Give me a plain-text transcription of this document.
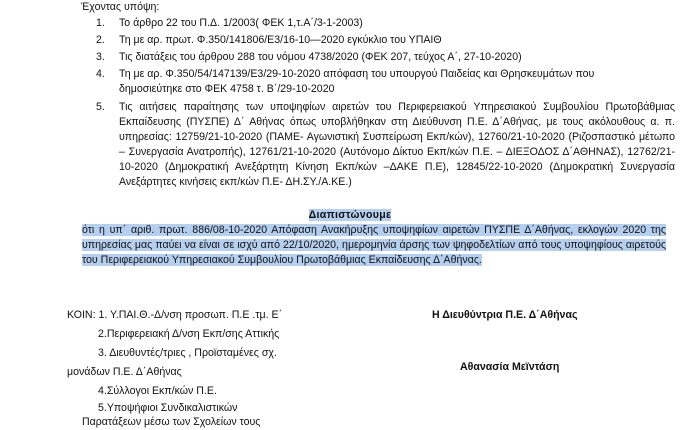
Έχοντας υπόψη:
1. Το άρθρο 22 του Π.Δ. 1/2003( ΦΕΚ 1,τ.Α΄/3-1-2003)
2. Τη με αρ. πρωτ. Φ.350/141806/Ε3/16-10—2020 εγκύκλιο του ΥΠΑΙΘ
3. Τις διατάξεις του άρθρου 288 του νόμου 4738/2020 (ΦΕΚ 207, τεύχος Α΄, 27-10-2020)
4. Τη με αρ. Φ.350/54/147139/Ε3/29-10-2020 απόφαση του υπουργού Παιδείας και Θρησκευμάτων που δημοσιεύτηκε στο ΦΕΚ 4758 τ. Β΄/29-10-2020
5. Τις αιτήσεις παραίτησης των υποψηφίων αιρετών του Περιφερειακού Υπηρεσιακού Συμβουλίου Πρωτοβάθμιας Εκπαίδευσης (ΠΥΣΠΕ) Δ΄ Αθήνας όπως υποβλήθηκαν στη Διεύθυνση Π.Ε. Δ΄Αθήνας, με τους ακόλουθους α. π. υπηρεσίας: 12759/21-10-2020 (ΠΑΜΕ- Αγωνιστική Συσπείρωση Εκπ/κών), 12760/21-10-2020 (Ριζοσπαστικό μέτωπο – Συνεργασία Ανατροπής), 12761/21-10-2020 (Αυτόνομο Δίκτυο Εκπ/κών Π.Ε. – ΔΙΕΞΟΔΟΣ Δ΄ΑΘΗΝΑΣ), 12762/21-10-2020 (Δημοκρατική Ανεξάρτητη Κίνηση Εκπ/κών –ΔΑΚΕ Π.Ε), 12845/22-10-2020 (Δημοκρατική Συνεργασία Ανεξάρτητες κινήσεις εκπ/κών Π.Ε- ΔΗ.ΣΥ./Α.ΚΕ.)
Διαπιστώνουμε
ότι η υπ΄ αριθ. πρωτ. 886/08-10-2020 Απόφαση Ανακήρυξης υποψηφίων αιρετών ΠΥΣΠΕ Δ΄Αθήνας, εκλογών 2020 της υπηρεσίας μας παύει να είναι σε ισχύ από 22/10/2020, ημερομηνία άρσης των ψηφοδελτίων από τους υποψηφίους αιρετούς του Περιφερειακού Υπηρεσιακού Συμβουλίου Πρωτοβάθμιας Εκπαίδευσης Δ΄Αθήνας.
ΚΟΙΝ: 1. Υ.ΠΑΙ.Θ.-Δ/νση προσωπ. Π.Ε .τμ. Ε΄
2.Περιφερειακή Δ/νση Εκπ/σης Αττικής
3. Διευθυντές/τριες , Προϊσταμένες σχ.
μονάδων Π.Ε. Δ΄Αθήνας
4.Σύλλογοι Εκπ/κών Π.Ε.
5.Υποψήφιοι Συνδικαλιστικών
Παρατάξεων μέσω των Σχολείων τους
Η Διευθύντρια Π.Ε. Δ΄Αθήνας
Αθανασία Μεϊντάση
